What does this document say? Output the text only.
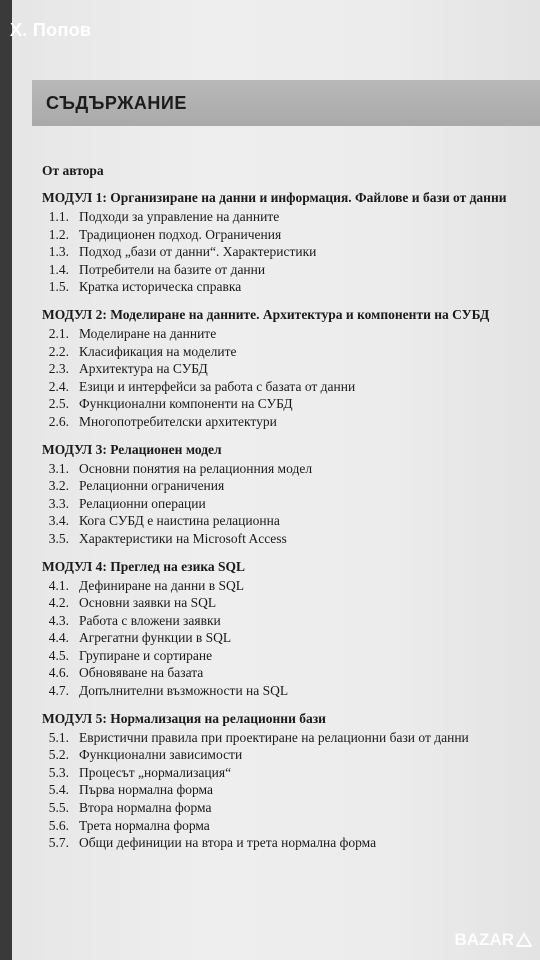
Х. Попов
СЪДЪРЖАНИЕ
От автора
МОДУЛ 1: Организиране на данни и информация. Файлове и бази от данни
1.1. Подходи за управление на данните
1.2. Традиционен подход. Ограничения
1.3. Подход „бази от данни“. Характеристики
1.4. Потребители на базите от данни
1.5. Кратка историческа справка
МОДУЛ 2: Моделиране на данните. Архитектура и компоненти на СУБД
2.1. Моделиране на данните
2.2. Класификация на моделите
2.3. Архитектура на СУБД
2.4. Езици и интерфейси за работа с базата от данни
2.5. Функционални компоненти на СУБД
2.6. Многопотребителски архитектури
МОДУЛ 3: Релационен модел
3.1. Основни понятия на релационния модел
3.2. Релационни ограничения
3.3. Релационни операции
3.4. Кога СУБД е наистина релационна
3.5. Характеристики на Microsoft Access
МОДУЛ 4: Преглед на езика SQL
4.1. Дефиниране на данни в SQL
4.2. Основни заявки на SQL
4.3. Работа с вложени заявки
4.4. Агрегатни функции в SQL
4.5. Групиране и сортиране
4.6. Обновяване на базата
4.7. Допълнителни възможности на SQL
МОДУЛ 5: Нормализация на релационни бази
5.1. Евристични правила при проектиране на релационни бази от данни
5.2. Функционални зависимости
5.3. Процесът „нормализация“
5.4. Първа нормална форма
5.5. Втора нормална форма
5.6. Трета нормална форма
5.7. Общи дефиниции на втора и трета нормална форма
BAZAR
